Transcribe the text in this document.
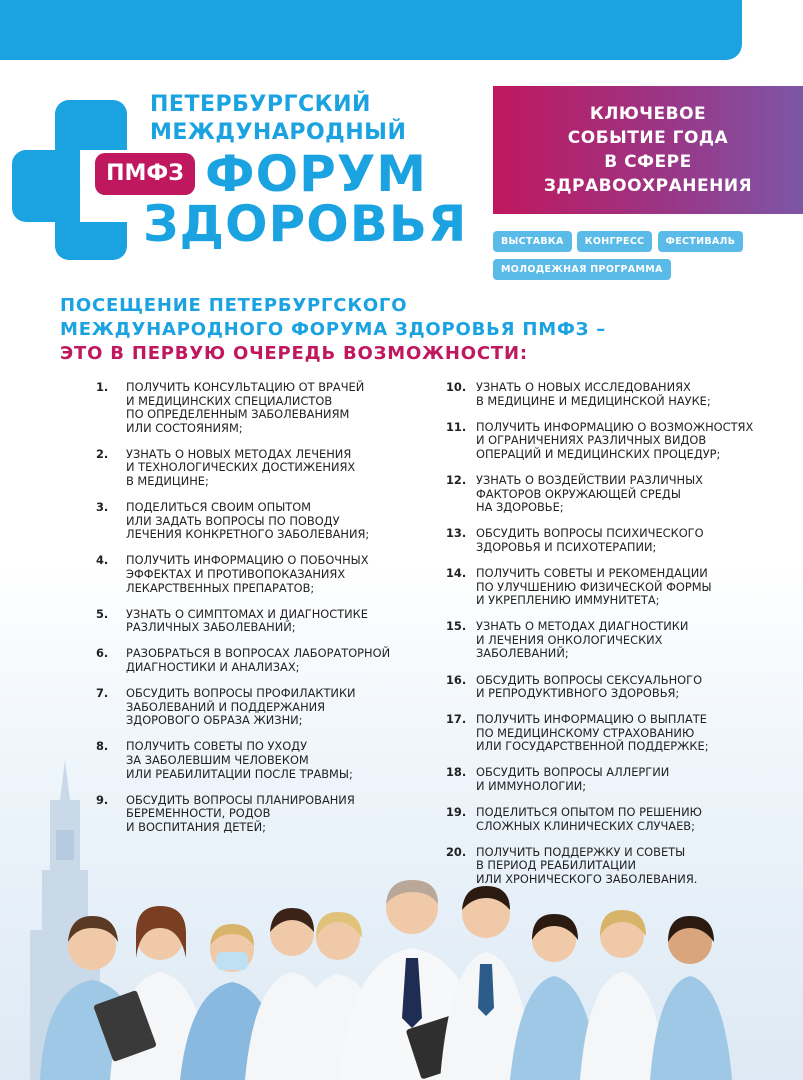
ПЕТЕРБУРГСКИЙ
МЕЖДУНАРОДНЫЙ
ПМФЗ ФОРУМ
ЗДОРОВЬЯ
КЛЮЧЕВОЕ
СОБЫТИЕ ГОДА
В СФЕРЕ
ЗДРАВООХРАНЕНИЯ
ВЫСТАВКА КОНГРЕСС ФЕСТИВАЛЬ МОЛОДЕЖНАЯ ПРОГРАММА
ПОСЕЩЕНИЕ ПЕТЕРБУРГСКОГО
МЕЖДУНАРОДНОГО ФОРУМА ЗДОРОВЬЯ ПМФЗ –
ЭТО В ПЕРВУЮ ОЧЕРЕДЬ ВОЗМОЖНОСТИ:
1. ПОЛУЧИТЬ КОНСУЛЬТАЦИЮ ОТ ВРАЧЕЙ
И МЕДИЦИНСКИХ СПЕЦИАЛИСТОВ
ПО ОПРЕДЕЛЕННЫМ ЗАБОЛЕВАНИЯМ
ИЛИ СОСТОЯНИЯМ;
2. УЗНАТЬ О НОВЫХ МЕТОДАХ ЛЕЧЕНИЯ
И ТЕХНОЛОГИЧЕСКИХ ДОСТИЖЕНИЯХ
В МЕДИЦИНЕ;
3. ПОДЕЛИТЬСЯ СВОИМ ОПЫТОМ
ИЛИ ЗАДАТЬ ВОПРОСЫ ПО ПОВОДУ
ЛЕЧЕНИЯ КОНКРЕТНОГО ЗАБОЛЕВАНИЯ;
4. ПОЛУЧИТЬ ИНФОРМАЦИЮ О ПОБОЧНЫХ
ЭФФЕКТАХ И ПРОТИВОПОКАЗАНИЯХ
ЛЕКАРСТВЕННЫХ ПРЕПАРАТОВ;
5. УЗНАТЬ О СИМПТОМАХ И ДИАГНОСТИКЕ
РАЗЛИЧНЫХ ЗАБОЛЕВАНИЙ;
6. РАЗОБРАТЬСЯ В ВОПРОСАХ ЛАБОРАТОРНОЙ
ДИАГНОСТИКИ И АНАЛИЗАХ;
7. ОБСУДИТЬ ВОПРОСЫ ПРОФИЛАКТИКИ
ЗАБОЛЕВАНИЙ И ПОДДЕРЖАНИЯ
ЗДОРОВОГО ОБРАЗА ЖИЗНИ;
8. ПОЛУЧИТЬ СОВЕТЫ ПО УХОДУ
ЗА ЗАБОЛЕВШИМ ЧЕЛОВЕКОМ
ИЛИ РЕАБИЛИТАЦИИ ПОСЛЕ ТРАВМЫ;
9. ОБСУДИТЬ ВОПРОСЫ ПЛАНИРОВАНИЯ
БЕРЕМЕННОСТИ, РОДОВ
И ВОСПИТАНИЯ ДЕТЕЙ;
10. УЗНАТЬ О НОВЫХ ИССЛЕДОВАНИЯХ
В МЕДИЦИНЕ И МЕДИЦИНСКОЙ НАУКЕ;
11. ПОЛУЧИТЬ ИНФОРМАЦИЮ О ВОЗМОЖНОСТЯХ
И ОГРАНИЧЕНИЯХ РАЗЛИЧНЫХ ВИДОВ
ОПЕРАЦИЙ И МЕДИЦИНСКИХ ПРОЦЕДУР;
12. УЗНАТЬ О ВОЗДЕЙСТВИИ РАЗЛИЧНЫХ
ФАКТОРОВ ОКРУЖАЮЩЕЙ СРЕДЫ
НА ЗДОРОВЬЕ;
13. ОБСУДИТЬ ВОПРОСЫ ПСИХИЧЕСКОГО
ЗДОРОВЬЯ И ПСИХОТЕРАПИИ;
14. ПОЛУЧИТЬ СОВЕТЫ И РЕКОМЕНДАЦИИ
ПО УЛУЧШЕНИЮ ФИЗИЧЕСКОЙ ФОРМЫ
И УКРЕПЛЕНИЮ ИММУНИТЕТА;
15. УЗНАТЬ О МЕТОДАХ ДИАГНОСТИКИ
И ЛЕЧЕНИЯ ОНКОЛОГИЧЕСКИХ
ЗАБОЛЕВАНИЙ;
16. ОБСУДИТЬ ВОПРОСЫ СЕКСУАЛЬНОГО
И РЕПРОДУКТИВНОГО ЗДОРОВЬЯ;
17. ПОЛУЧИТЬ ИНФОРМАЦИЮ О ВЫПЛАТЕ
ПО МЕДИЦИНСКОМУ СТРАХОВАНИЮ
ИЛИ ГОСУДАРСТВЕННОЙ ПОДДЕРЖКЕ;
18. ОБСУДИТЬ ВОПРОСЫ АЛЛЕРГИИ
И ИММУНОЛОГИИ;
19. ПОДЕЛИТЬСЯ ОПЫТОМ ПО РЕШЕНИЮ
СЛОЖНЫХ КЛИНИЧЕСКИХ СЛУЧАЕВ;
20. ПОЛУЧИТЬ ПОДДЕРЖКУ И СОВЕТЫ
В ПЕРИОД РЕАБИЛИТАЦИИ
ИЛИ ХРОНИЧЕСКОГО ЗАБОЛЕВАНИЯ.
